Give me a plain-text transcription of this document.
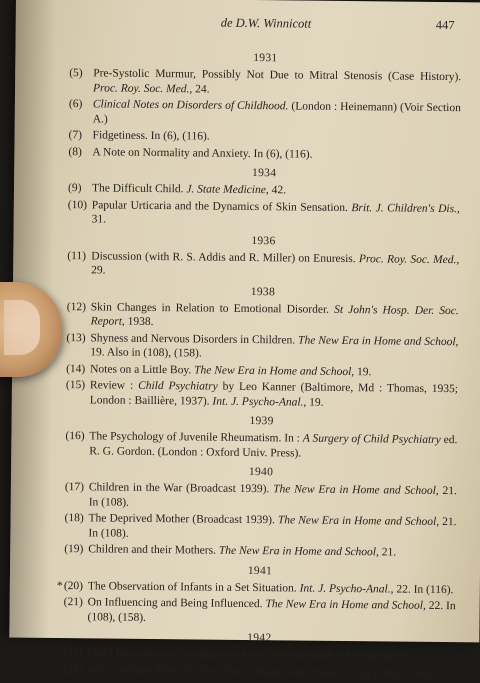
de D.W. Winnicott	447
1931
(5) Pre-Systolic Murmur, Possibly Not Due to Mitral Stenosis (Case History). Proc. Roy. Soc. Med., 24.
(6) Clinical Notes on Disorders of Childhood. (London : Heinemann) (Voir Section A.)
(7) Fidgetiness. In (6), (116).
(8) A Note on Normality and Anxiety. In (6), (116).
1934
(9) The Difficult Child. J. State Medicine, 42.
(10) Papular Urticaria and the Dynamics of Skin Sensation. Brit. J. Children's Dis., 31.
1936
(11) Discussion (with R. S. Addis and R. Miller) on Enuresis. Proc. Roy. Soc. Med., 29.
1938
(12) Skin Changes in Relation to Emotional Disorder. St John's Hosp. Der. Soc. Report, 1938.
(13) Shyness and Nervous Disorders in Children. The New Era in Home and School, 19. Also in (108), (158).
(14) Notes on a Little Boy. The New Era in Home and School, 19.
(15) Review : Child Psychiatry by Leo Kanner (Baltimore, Md : Thomas, 1935; London : Baillière, 1937). Int. J. Psycho-Anal., 19.
1939
(16) The Psychology of Juvenile Rheumatism. In : A Surgery of Child Psychiatry ed. R. G. Gordon. (London : Oxford Univ. Press).
1940
(17) Children in the War (Broadcast 1939). The New Era in Home and School, 21. In (108).
(18) The Deprived Mother (Broadcast 1939). The New Era in Home and School, 21. In (108).
(19) Children and their Mothers. The New Era in Home and School, 21.
1941
* (20) The Observation of Infants in a Set Situation. Int. J. Psycho-Anal., 22. In (116).
(21) On Influencing and Being Influenced. The New Era in Home and School, 22. In (108), (158).
1942
(22) Child Department Consultations. Int. J. Psycho-Anal., 23. In (116).
(23) Why Children Play. The New Era in Home and School, 23. In (108), (158).
